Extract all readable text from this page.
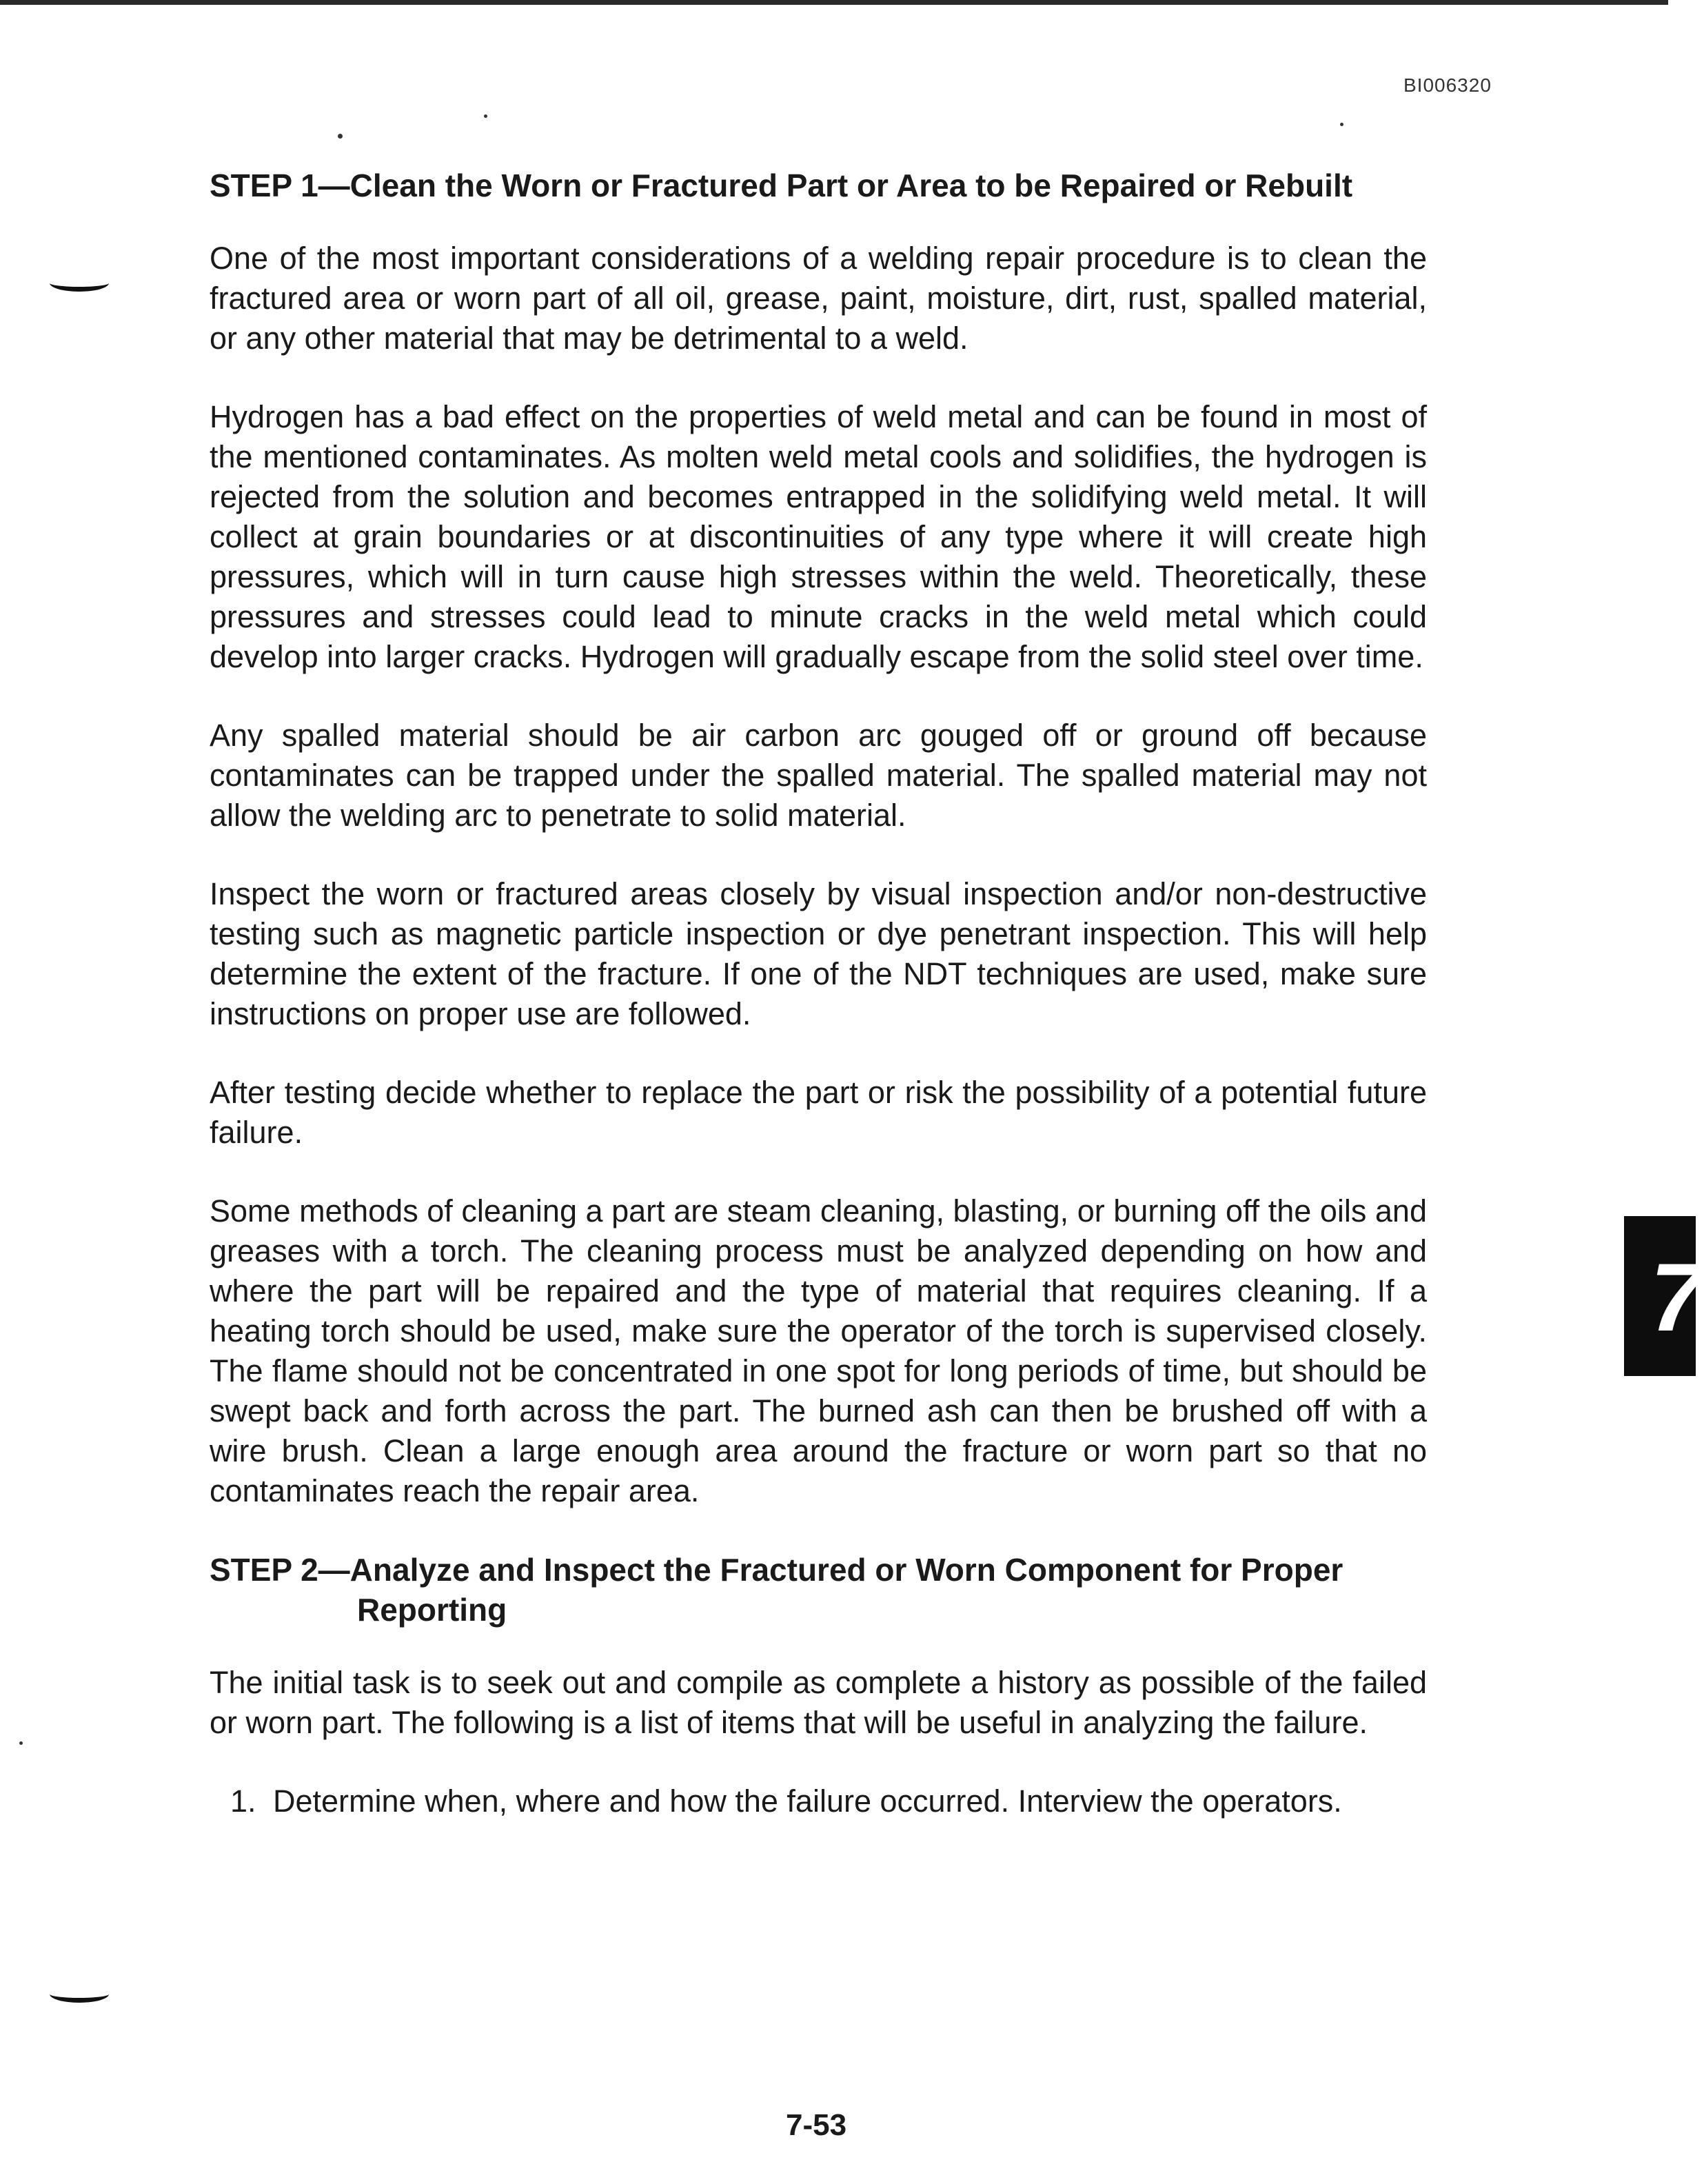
BI006320
STEP 1—Clean the Worn or Fractured Part or Area to be Repaired or Rebuilt

One of the most important considerations of a welding repair procedure is to clean the fractured area or worn part of all oil, grease, paint, moisture, dirt, rust, spalled material, or any other material that may be detrimental to a weld.

Hydrogen has a bad effect on the properties of weld metal and can be found in most of the mentioned contaminates. As molten weld metal cools and solidifies, the hydrogen is rejected from the solution and becomes entrapped in the solidifying weld metal. It will collect at grain boundaries or at discontinuities of any type where it will create high pressures, which will in turn cause high stresses within the weld. Theoretically, these pressures and stresses could lead to minute cracks in the weld metal which could develop into larger cracks. Hydrogen will gradually escape from the solid steel over time.

Any spalled material should be air carbon arc gouged off or ground off because contaminates can be trapped under the spalled material. The spalled material may not allow the welding arc to penetrate to solid material.

Inspect the worn or fractured areas closely by visual inspection and/or non-destructive testing such as magnetic particle inspection or dye penetrant inspection. This will help determine the extent of the fracture. If one of the NDT techniques are used, make sure instructions on proper use are followed.

After testing decide whether to replace the part or risk the possibility of a potential future failure.

Some methods of cleaning a part are steam cleaning, blasting, or burning off the oils and greases with a torch. The cleaning process must be analyzed depending on how and where the part will be repaired and the type of material that requires cleaning. If a heating torch should be used, make sure the operator of the torch is supervised closely. The flame should not be concentrated in one spot for long periods of time, but should be swept back and forth across the part. The burned ash can then be brushed off with a wire brush. Clean a large enough area around the fracture or worn part so that no contaminates reach the repair area.

STEP 2—Analyze and Inspect the Fractured or Worn Component for Proper
Reporting

The initial task is to seek out and compile as complete a history as possible of the failed or worn part. The following is a list of items that will be useful in analyzing the failure.

1. Determine when, where and how the failure occurred. Interview the operators.
7
7-53
